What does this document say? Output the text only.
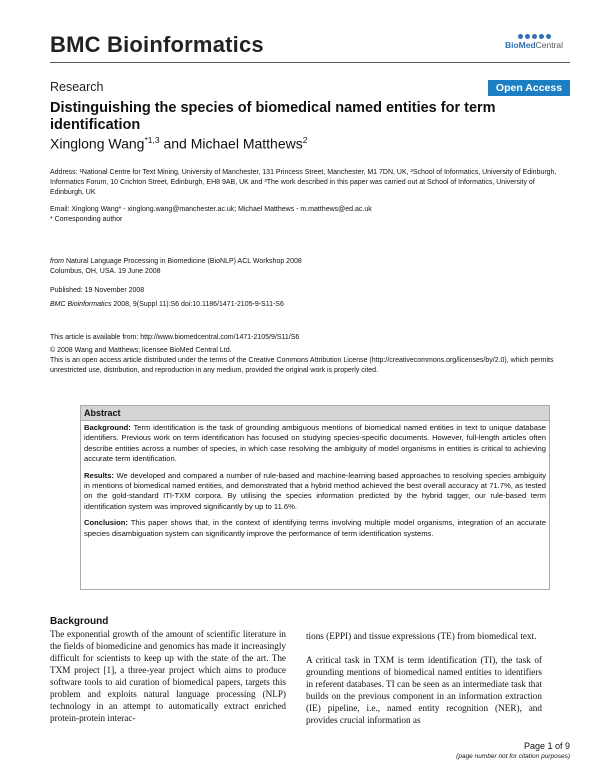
BMC Bioinformatics	BioMedCentral
Research	Open Access
Distinguishing the species of biomedical named entities for term identification
Xinglong Wang$^{*1,3}$ and Michael Matthews$^2$
Address: ¹National Centre for Text Mining, University of Manchester, 131 Princess Street, Manchester, M1 7DN, UK, ²School of Informatics, University of Edinburgh, Informatics Forum, 10 Crichton Street, Edinburgh, EH8 9AB, UK and ³The work described in this paper was carried out at School of Informatics, University of Edinburgh, UK
Email: Xinglong Wang* - xinglong.wang@manchester.ac.uk; Michael Matthews - m.matthews@ed.ac.uk
* Corresponding author
from Natural Language Processing in Biomedicine (BioNLP) ACL Workshop 2008
Columbus, OH, USA. 19 June 2008
Published: 19 November 2008
BMC Bioinformatics 2008, 9(Suppl 11):S6 doi:10.1186/1471-2105-9-S11-S6
This article is available from: http://www.biomedcentral.com/1471-2105/9/S11/S6
© 2008 Wang and Matthews; licensee BioMed Central Ltd.
This is an open access article distributed under the terms of the Creative Commons Attribution License (http://creativecommons.org/licenses/by/2.0), which permits unrestricted use, distribution, and reproduction in any medium, provided the original work is properly cited.
Abstract

Background: Term identification is the task of grounding ambiguous mentions of biomedical named entities in text to unique database identifiers. Previous work on term identification has focused on studying species-specific documents. However, full-length articles often describe entities across a number of species, in which case resolving the ambiguity of model organisms in entities is critical to achieving accurate term identification.

Results: We developed and compared a number of rule-based and machine-learning based approaches to resolving species ambiguity in mentions of biomedical named entities, and demonstrated that a hybrid method achieved the best overall accuracy at 71.7%, as tested on the gold-standard ITI-TXM corpora. By utilising the species information predicted by the hybrid tagger, our rule-based term identification system was improved significantly by up to 11.6%.

Conclusion: This paper shows that, in the context of identifying terms involving multiple model organisms, integration of an accurate species disambiguation system can significantly improve the performance of term identification systems.

Background

The exponential growth of the amount of scientific literature in the fields of biomedicine and genomics has made it increasingly difficult for scientists to keep up with the state of the art. The TXM project [1], a three-year project which aims to produce software tools to aid curation of biomedical papers, targets this problem and exploits natural language processing (NLP) technology in an attempt to automatically extract enriched protein-protein interac-

tions (EPPI) and tissue expressions (TE) from biomedical text.

A critical task in TXM is term identification (TI), the task of grounding mentions of biomedical named entities to identifiers in referent databases. TI can be seen as an intermediate task that builds on the previous component in an information extraction (IE) pipeline, i.e., named entity recognition (NER), and provides crucial information as

Page 1 of 9
(page number not for citation purposes)
